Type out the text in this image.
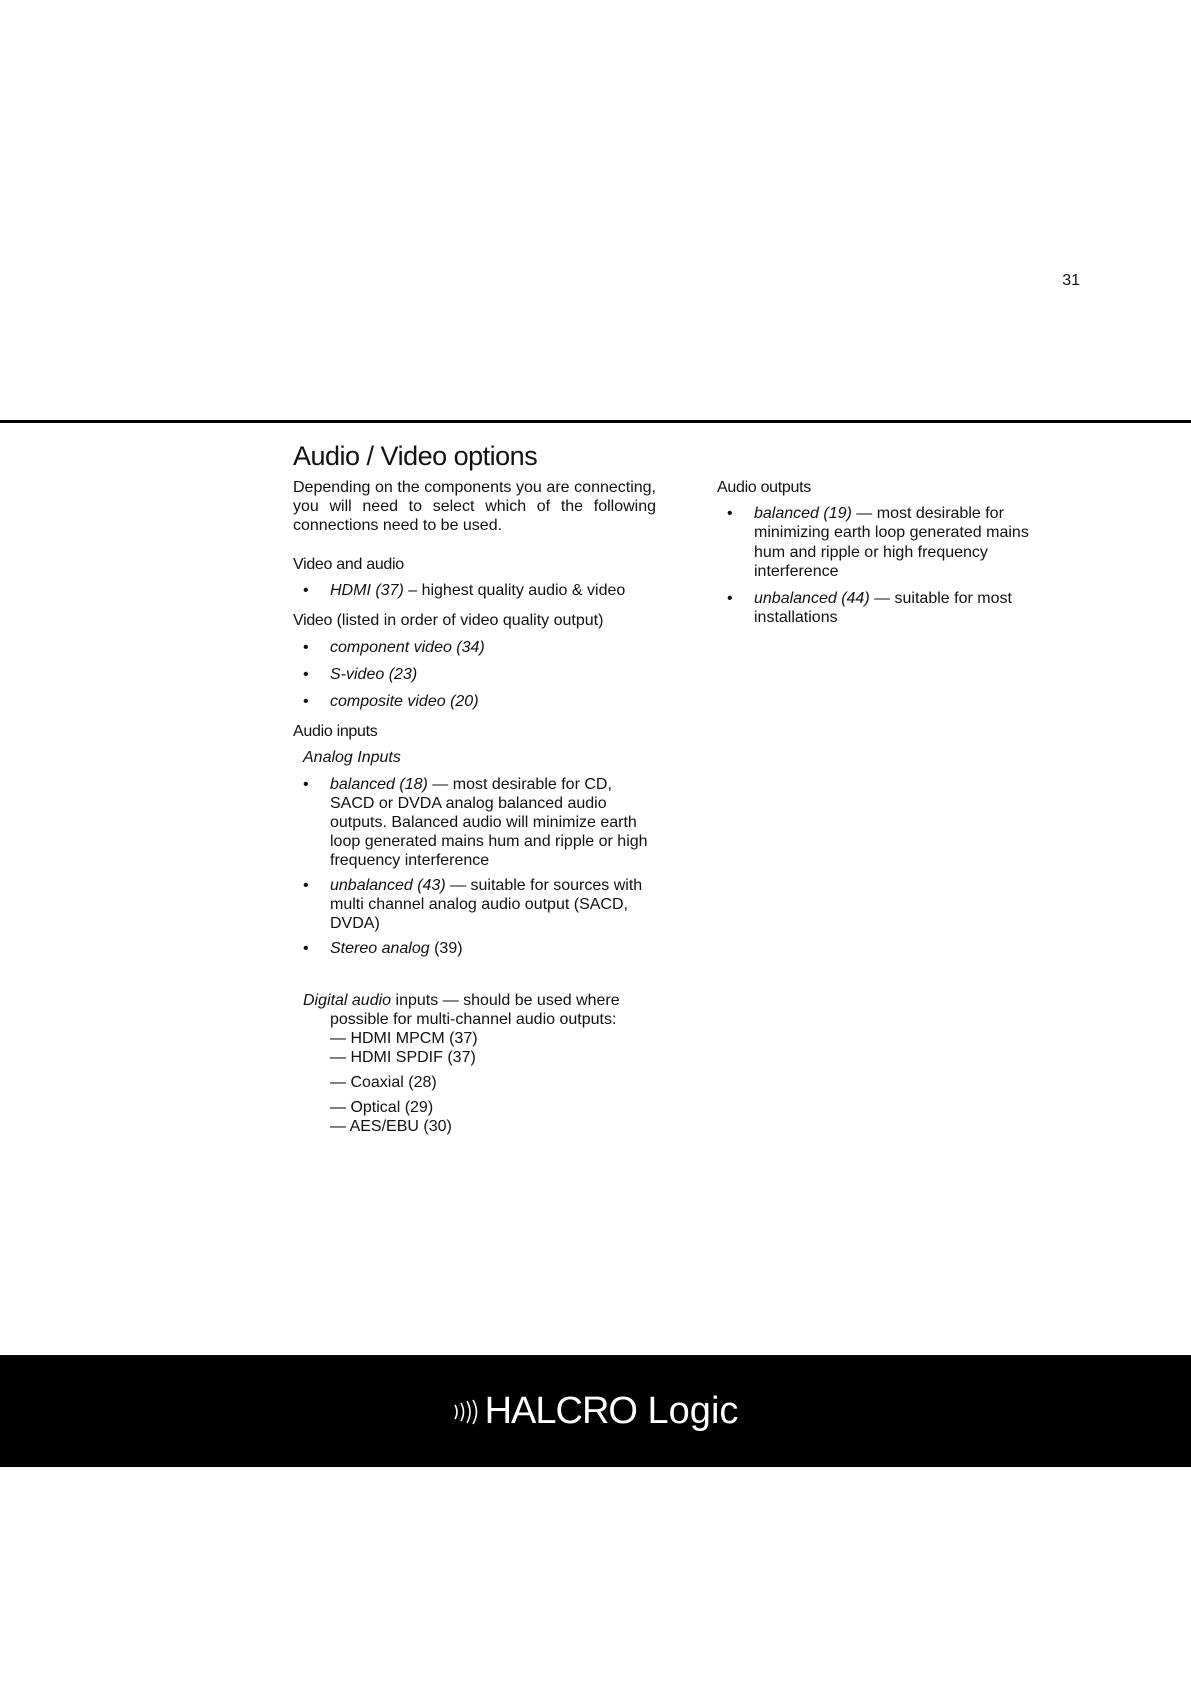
31
Audio / Video options

Depending on the components you are connecting, you will need to select which of the following connections need to be used.

Video and audio
• HDMI (37) – highest quality audio & video

Video (listed in order of video quality output)

• component video (34)
• S-video (23)
• composite video (20)
Audio inputs

Analog Inputs

• balanced (18) — most desirable for CD, SACD or DVDA analog balanced audio outputs. Balanced audio will minimize earth loop generated mains hum and ripple or high frequency interference
• unbalanced (43) — suitable for sources with multi channel analog audio output (SACD, DVDA)
• Stereo analog (39)

Digital audio inputs — should be used where

possible for multi-channel audio outputs:

— HDMI MPCM (37)
— HDMI SPDIF (37)
— Coaxial (28)
— Optical (29)
— AES/EBU (30)
Audio outputs
• balanced (19) — most desirable for minimizing earth loop generated mains hum and ripple or high frequency interference
• unbalanced (44) — suitable for most installations
HALCRO Logic
